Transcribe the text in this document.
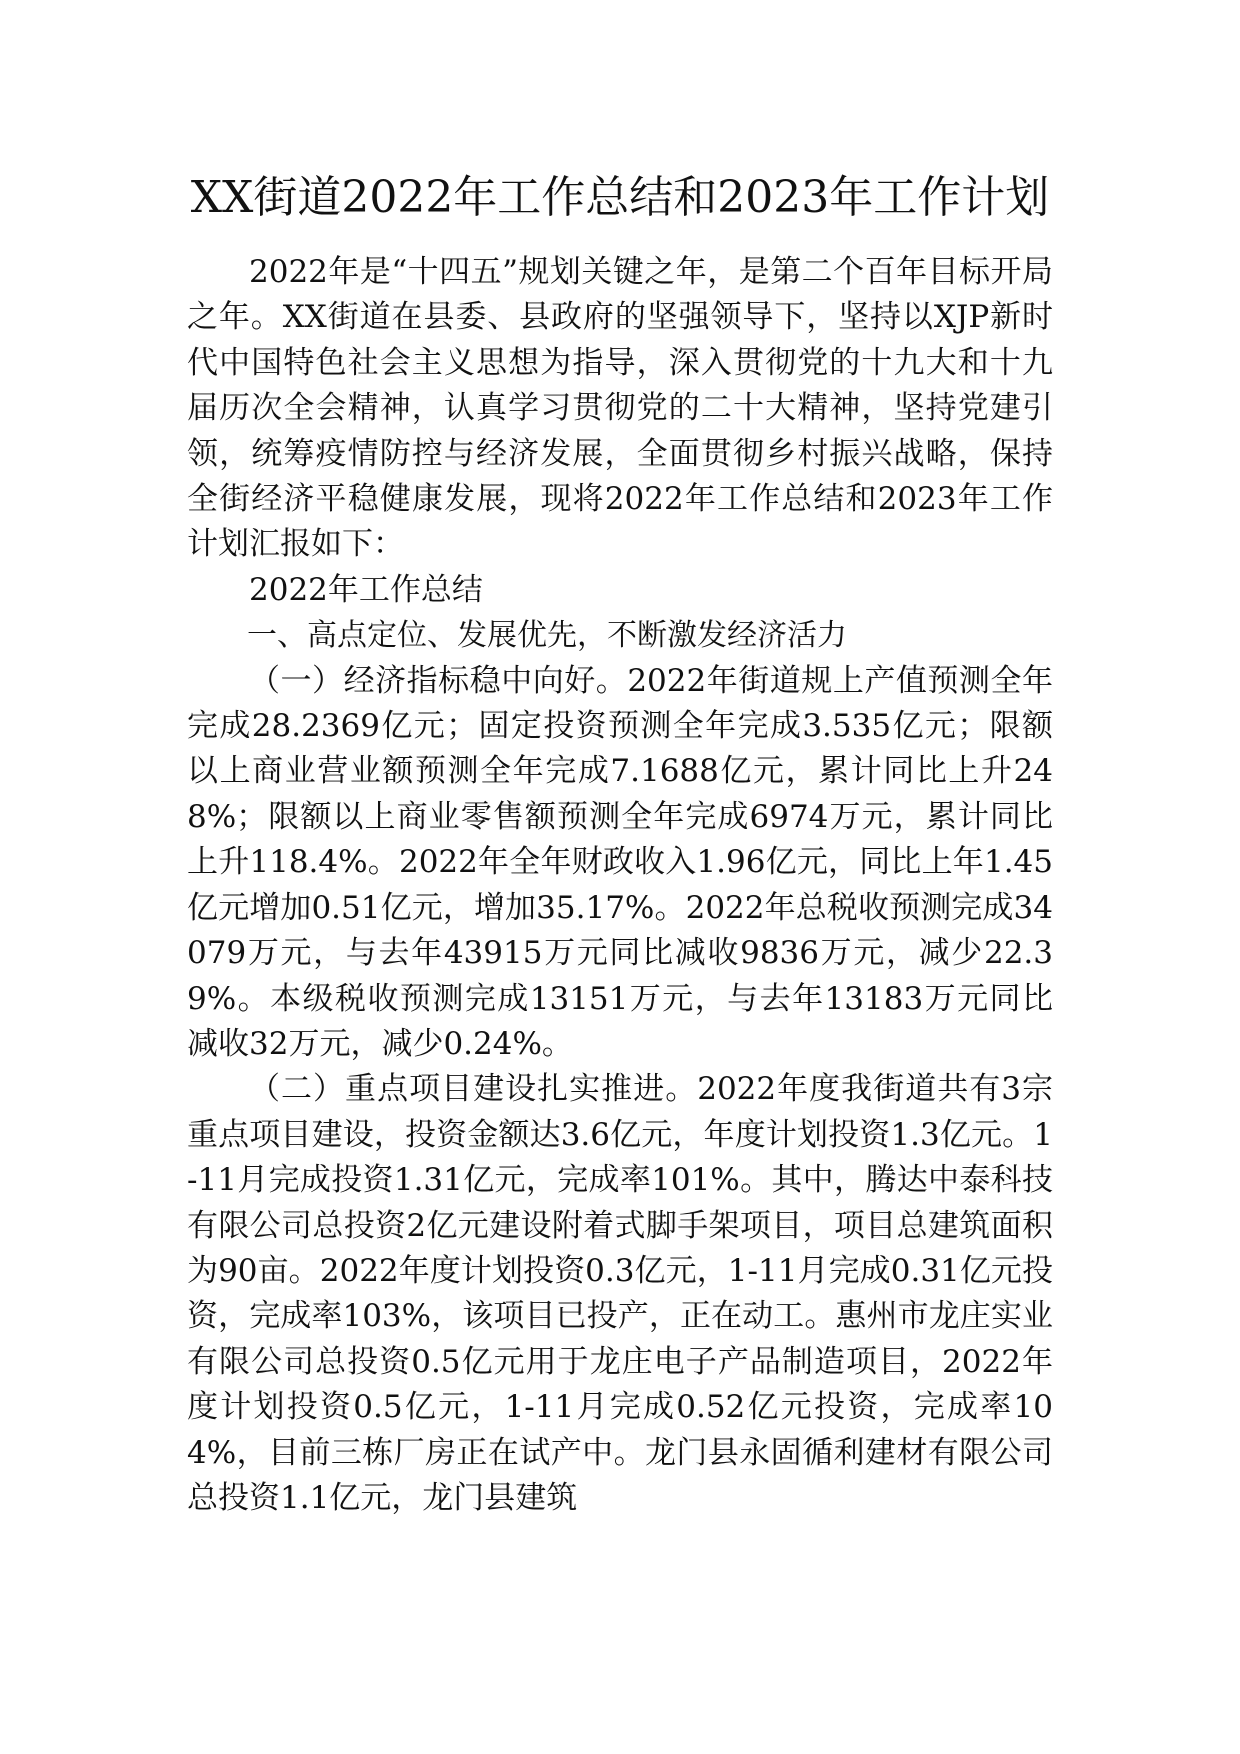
XX街道2022年工作总结和2023年工作计划

2022年是“十四五”规划关键之年，是第二个百年目标开局之年。XX街道在县委、县政府的坚强领导下，坚持以XJP新时代中国特色社会主义思想为指导，深入贯彻党的十九大和十九届历次全会精神，认真学习贯彻党的二十大精神，坚持党建引领，统筹疫情防控与经济发展，全面贯彻乡村振兴战略，保持全街经济平稳健康发展，现将2022年工作总结和2023年工作计划汇报如下：

2022年工作总结

一、高点定位、发展优先，不断激发经济活力

（一）经济指标稳中向好。2022年街道规上产值预测全年完成28.2369亿元；固定投资预测全年完成3.535亿元；限额以上商业营业额预测全年完成7.1688亿元，累计同比上升248%；限额以上商业零售额预测全年完成6974万元，累计同比上升118.4%。2022年全年财政收入1.96亿元，同比上年1.45亿元增加0.51亿元，增加35.17%。2022年总税收预测完成34079万元，与去年43915万元同比减收9836万元，减少22.39%。本级税收预测完成13151万元，与去年13183万元同比减收32万元，减少0.24%。

（二）重点项目建设扎实推进。2022年度我街道共有3宗重点项目建设，投资金额达3.6亿元，年度计划投资1.3亿元。1-11月完成投资1.31亿元，完成率101%。其中，腾达中泰科技有限公司总投资2亿元建设附着式脚手架项目，项目总建筑面积为90亩。2022年度计划投资0.3亿元，1-11月完成0.31亿元投资，完成率103%，该项目已投产，正在动工。惠州市龙庄实业有限公司总投资0.5亿元用于龙庄电子产品制造项目，2022年度计划投资0.5亿元，1-11月完成0.52亿元投资，完成率104%，目前三栋厂房正在试产中。龙门县永固循利建材有限公司总投资1.1亿元，龙门县建筑
